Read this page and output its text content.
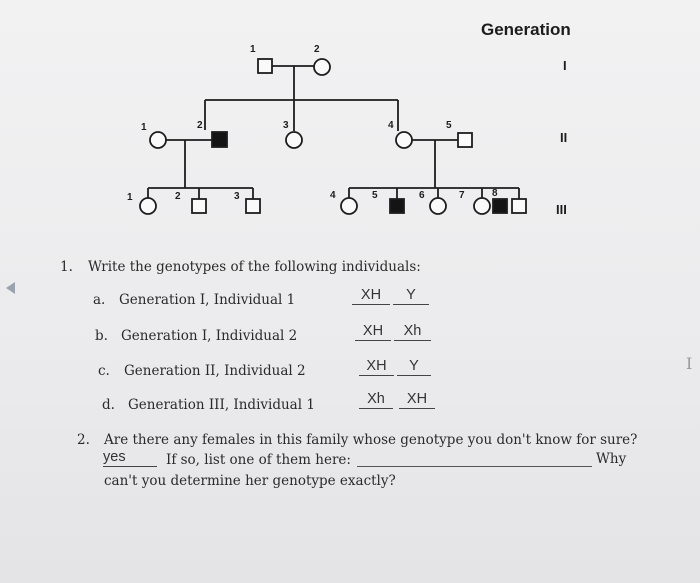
1	2
1	2	3	4	5
1	2	3	4	5	6	7	8
Generation
I
II
III
1. Write the genotypes of the following individuals:
a. Generation I, Individual 1	XH	Y
b. Generation I, Individual 2	XH	Xh
c. Generation II, Individual 2	XH	Y
d. Generation III, Individual 1	Xh	XH
2. Are there any females in this family whose genotype you don't know for sure?
yes	If so, list one of them here:	Why
can't you determine her genotype exactly?
I
